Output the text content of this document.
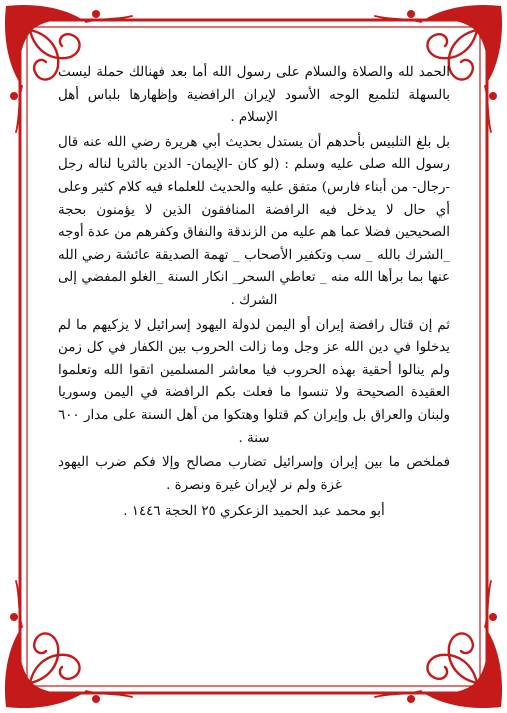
الحمد لله والصلاة والسلام على رسول الله أما بعد فهنالك حملة ليست بالسهلة لتلميع الوجه الأسود لإيران الرافضية وإظهارها بلباس أهل الإسلام .

بل بلغ التلبيس بأحدهم أن يستدل بحديث أبي هريرة رضي الله عنه قال رسول الله صلى عليه وسلم : (لو كان -الإيمان- الدين بالثريا لناله رجل -رجال- من أبناء فارس) متفق عليه والحديث للعلماء فيه كلام كثير وعلى أي حال لا يدخل فيه الرافضة المنافقون الذين لا يؤمنون بحجة الصحيحين فضلا عما هم عليه من الزندقة والنفاق وكفرهم من عدة أوجه _الشرك بالله _ سب وتكفير الأصحاب _ تهمة الصديقة عائشة رضي الله عنها بما برأها الله منه _ تعاطي السحر_ انكار السنة _الغلو المفضي إلى الشرك .

ثم إن قتال رافضة إيران أو اليمن لدولة اليهود إسرائيل لا يزكيهم ما لم يدخلوا في دين الله عز وجل وما زالت الحروب بين الكفار في كل زمن ولم ينالوا أحقية بهذه الحروب فيا معاشر المسلمين اتقوا الله وتعلموا العقيدة الصحيحة ولا تنسوا ما فعلت بكم الرافضة في اليمن وسوريا ولبنان والعراق بل وإيران كم قتلوا وهتكوا من أهل السنة على مدار ٦٠٠ سنة .

فملخص ما بين إيران وإسرائيل تضارب مصالح وإلا فكم ضرب اليهود غزة ولم نر لإيران غيرة ونصرة .

أبو محمد عبد الحميد الزعكري ٢٥ الحجة ١٤٤٦ .
